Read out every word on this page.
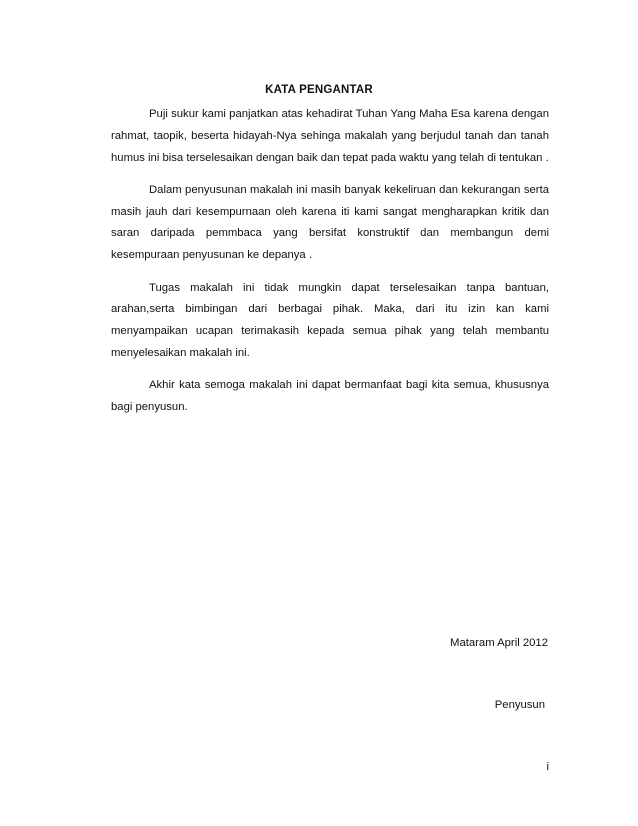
KATA PENGANTAR

Puji sukur kami panjatkan atas kehadirat Tuhan Yang Maha Esa karena dengan rahmat, taopik, beserta hidayah-Nya sehinga makalah yang berjudul tanah dan tanah humus ini bisa terselesaikan dengan baik dan tepat pada waktu yang telah di tentukan .

Dalam penyusunan makalah ini masih banyak kekeliruan dan kekurangan serta masih jauh dari kesempurnaan oleh karena iti kami sangat mengharapkan kritik dan saran daripada pemmbaca yang bersifat konstruktif dan membangun demi kesempuraan penyusunan ke depanya .

Tugas makalah ini tidak mungkin dapat terselesaikan tanpa bantuan, arahan,serta bimbingan dari berbagai pihak. Maka, dari itu izin kan kami menyampaikan ucapan terimakasih kepada semua pihak yang telah membantu menyelesaikan makalah ini.

Akhir kata semoga makalah ini dapat bermanfaat bagi kita semua, khususnya bagi penyusun.

Mataram April 2012
Penyusun
i
